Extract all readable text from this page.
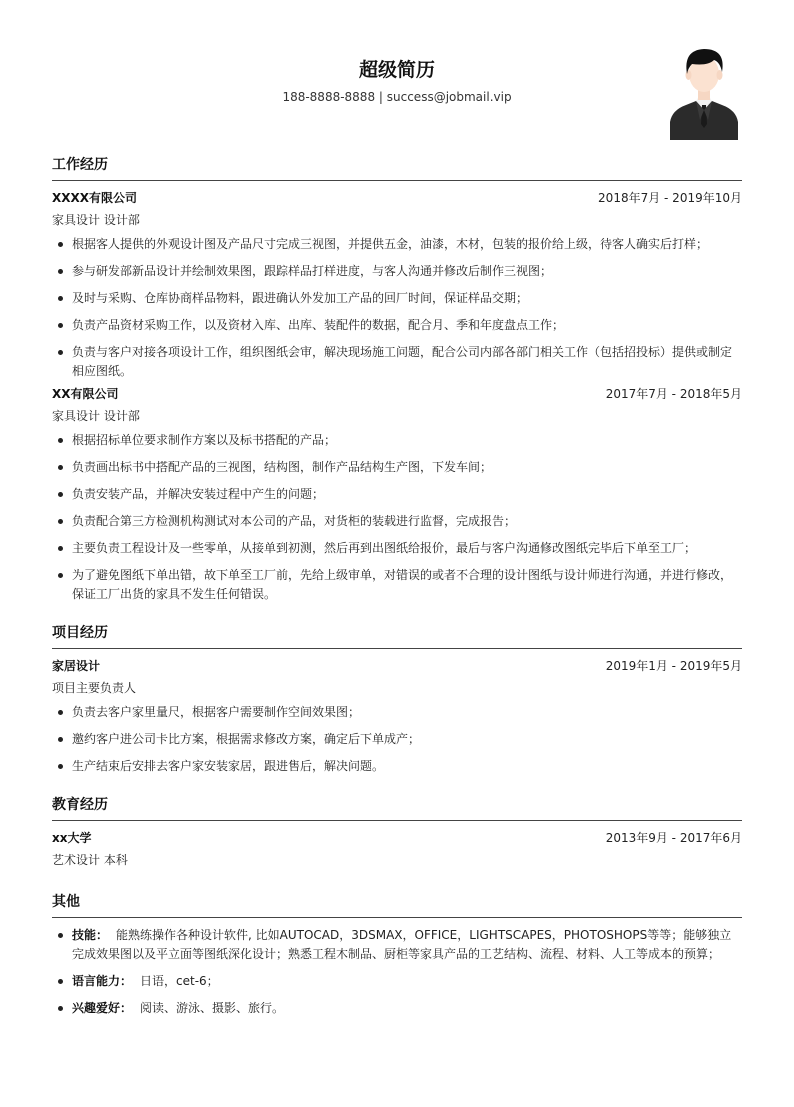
超级简历
188-8888-8888 | success@jobmail.vip
工作经历
XXXX有限公司	2018年7月 - 2019年10月
家具设计 设计部
根据客人提供的外观设计图及产品尺寸完成三视图，并提供五金，油漆，木材，包装的报价给上级，待客人确实后打样；
参与研发部新品设计并绘制效果图，跟踪样品打样进度，与客人沟通并修改后制作三视图；
及时与采购、仓库协商样品物料，跟进确认外发加工产品的回厂时间，保证样品交期；
负责产品资材采购工作，以及资材入库、出库、装配件的数据，配合月、季和年度盘点工作；
负责与客户对接各项设计工作，组织图纸会审，解决现场施工问题，配合公司内部各部门相关工作（包括招投标）提供或制定相应图纸。
XX有限公司	2017年7月 - 2018年5月
家具设计 设计部
根据招标单位要求制作方案以及标书搭配的产品；
负责画出标书中搭配产品的三视图，结构图，制作产品结构生产图，下发车间；
负责安装产品，并解决安装过程中产生的问题；
负责配合第三方检测机构测试对本公司的产品，对货柜的装载进行监督，完成报告；
主要负责工程设计及一些零单，从接单到初测，然后再到出图纸给报价，最后与客户沟通修改图纸完毕后下单至工厂；
为了避免图纸下单出错，故下单至工厂前，先给上级审单，对错误的或者不合理的设计图纸与设计师进行沟通，并进行修改，保证工厂出货的家具不发生任何错误。
项目经历
家居设计	2019年1月 - 2019年5月
项目主要负责人
负责去客户家里量尺，根据客户需要制作空间效果图；
邀约客户进公司卡比方案，根据需求修改方案，确定后下单成产；
生产结束后安排去客户家安装家居，跟进售后，解决问题。
教育经历
xx大学	2013年9月 - 2017年6月
艺术设计 本科
其他
技能： 能熟练操作各种设计软件, 比如AUTOCAD，3DSMAX，OFFICE，LIGHTSCAPES，PHOTOSHOPS等等；能够独立完成效果图以及平立面等图纸深化设计；熟悉工程木制品、厨柜等家具产品的工艺结构、流程、材料、人工等成本的预算；
语言能力： 日语，cet-6；
兴趣爱好： 阅读、游泳、摄影、旅行。
